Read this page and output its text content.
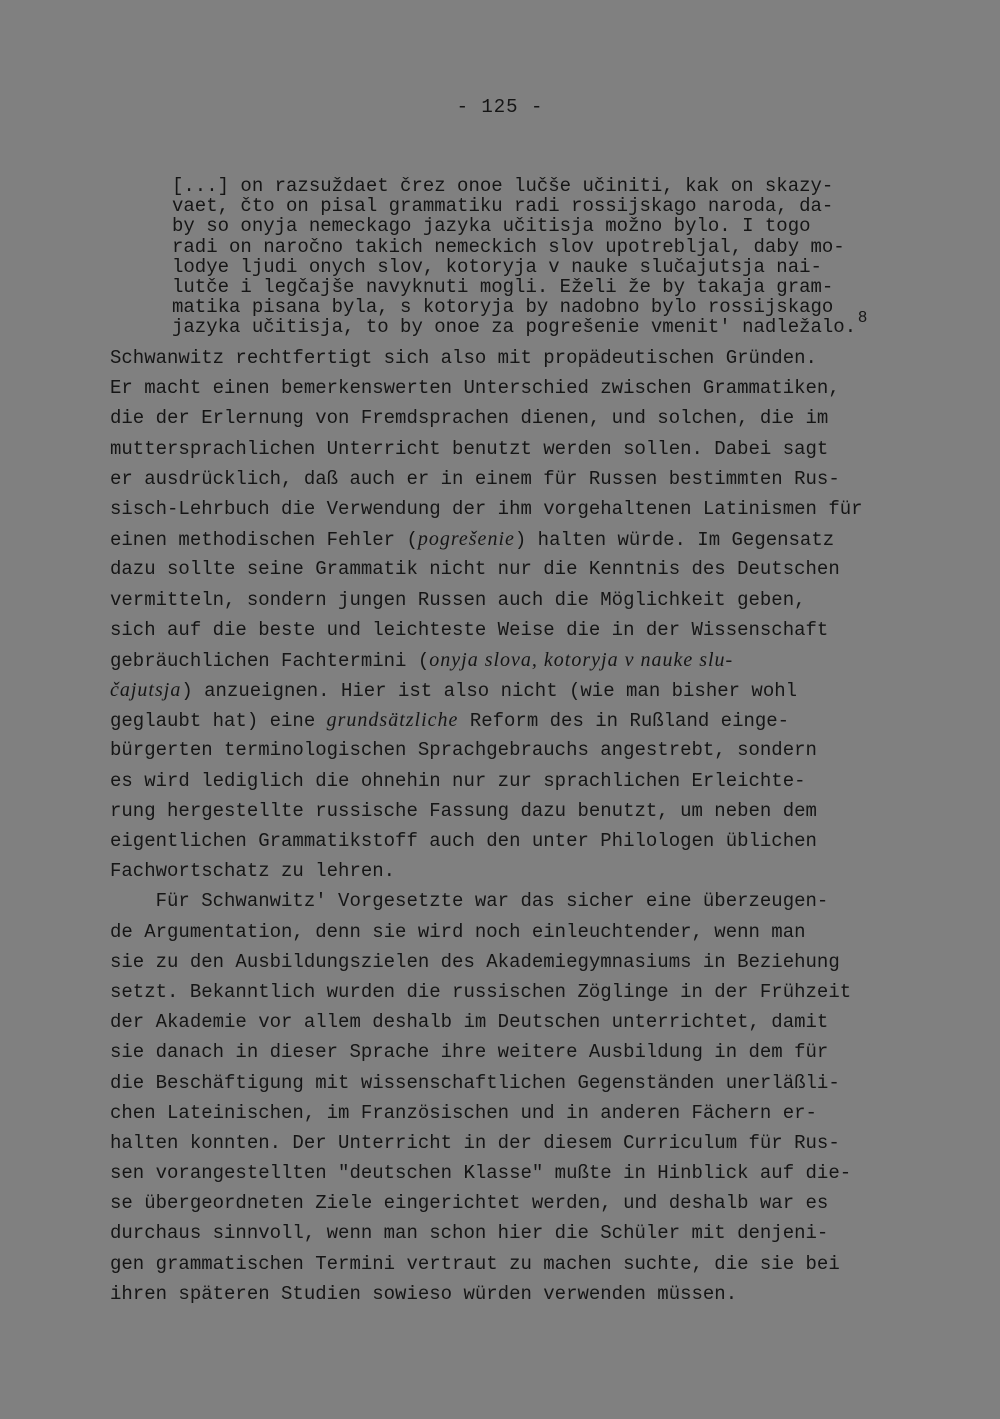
- 125 -
[...] on razsuždaet črez onoe lučše učiniti, kak on skazy-
vaet, čto on pisal grammatiku radi rossijskago naroda, da-
by so onyja nemeckago jazyka učitisja možno bylo. I togo
radi on naročno takich nemeckich slov upotrebljal, daby mo-
lodye ljudi onych slov, kotoryja v nauke slučajutsja nai-
lutče i legčajše navyknuti mogli. Eželi že by takaja gram-
matika pisana byla, s kotoryja by nadobno bylo rossijskago
jazyka učitisja, to by onoe za pogrešenie vmenit' nadležalo. $^8$
Schwanwitz rechtfertigt sich also mit propädeutischen Gründen.
Er macht einen bemerkenswerten Unterschied zwischen Grammatiken,
die der Erlernung von Fremdsprachen dienen, und solchen, die im
muttersprachlichen Unterricht benutzt werden sollen. Dabei sagt
er ausdrücklich, daß auch er in einem für Russen bestimmten Rus-
sisch-Lehrbuch die Verwendung der ihm vorgehaltenen Latinismen für
einen methodischen Fehler (pogrešenie) halten würde. Im Gegensatz
dazu sollte seine Grammatik nicht nur die Kenntnis des Deutschen
vermitteln, sondern jungen Russen auch die Möglichkeit geben,
sich auf die beste und leichteste Weise die in der Wissenschaft
gebräuchlichen Fachtermini (onyja slova, kotoryja v nauke slu-
čajutsja) anzueignen. Hier ist also nicht (wie man bisher wohl
geglaubt hat) eine grundsätzliche Reform des in Rußland einge-
bürgerten terminologischen Sprachgebrauchs angestrebt, sondern
es wird lediglich die ohnehin nur zur sprachlichen Erleichte-
rung hergestellte russische Fassung dazu benutzt, um neben dem
eigentlichen Grammatikstoff auch den unter Philologen üblichen
Fachwortschatz zu lehren.
Für Schwanwitz' Vorgesetzte war das sicher eine überzeugen-
de Argumentation, denn sie wird noch einleuchtender, wenn man
sie zu den Ausbildungszielen des Akademiegymnasiums in Beziehung
setzt. Bekanntlich wurden die russischen Zöglinge in der Frühzeit
der Akademie vor allem deshalb im Deutschen unterrichtet, damit
sie danach in dieser Sprache ihre weitere Ausbildung in dem für
die Beschäftigung mit wissenschaftlichen Gegenständen unerläßli-
chen Lateinischen, im Französischen und in anderen Fächern er-
halten konnten. Der Unterricht in der diesem Curriculum für Rus-
sen vorangestellten "deutschen Klasse" mußte in Hinblick auf die-
se übergeordneten Ziele eingerichtet werden, und deshalb war es
durchaus sinnvoll, wenn man schon hier die Schüler mit denjeni-
gen grammatischen Termini vertraut zu machen suchte, die sie bei
ihren späteren Studien sowieso würden verwenden müssen.
